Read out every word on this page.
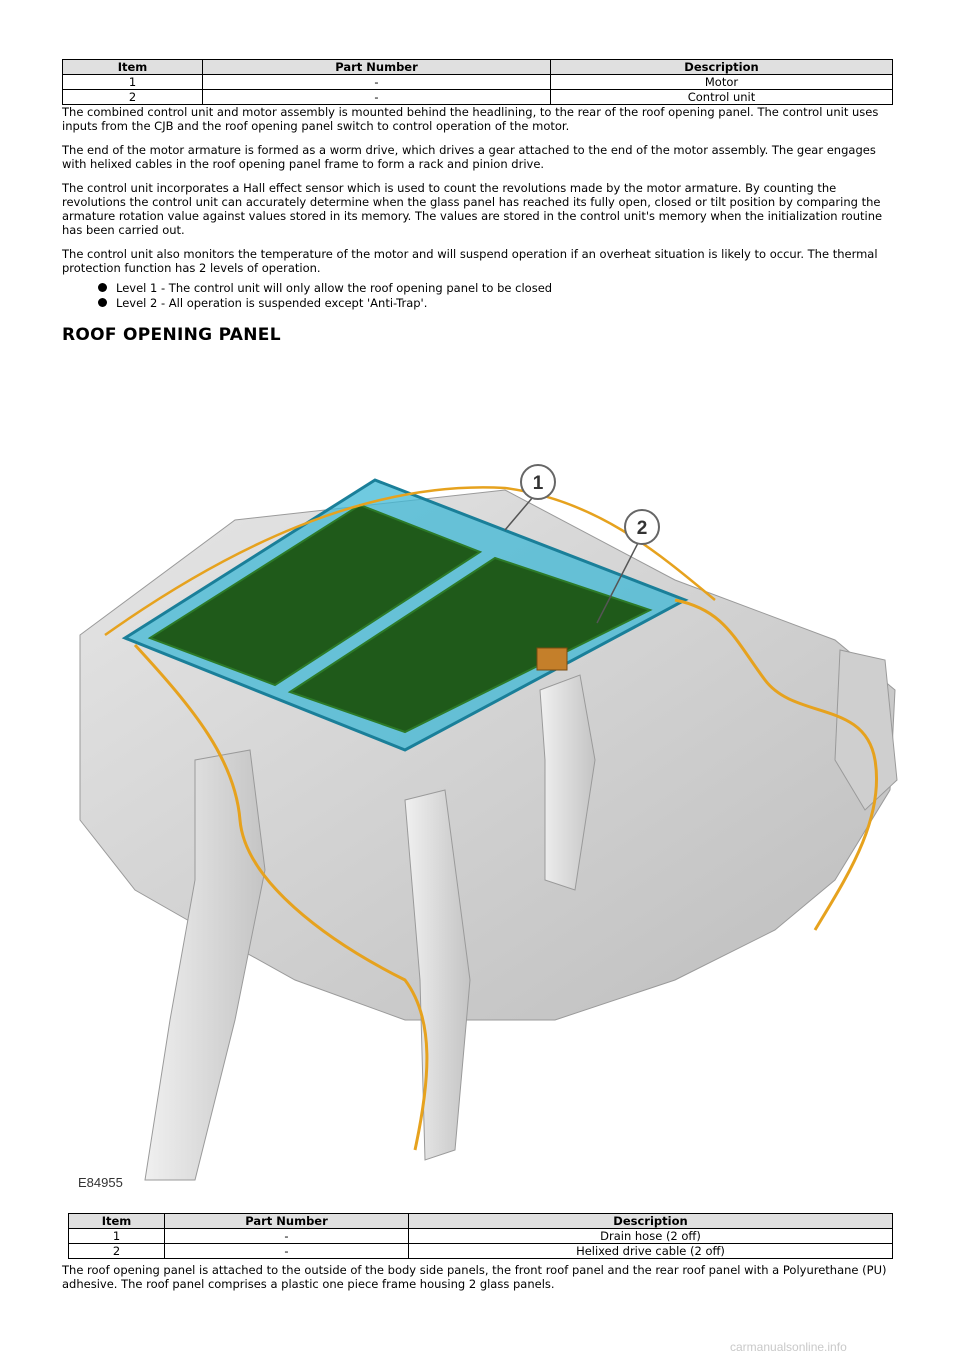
Item	Part Number	Description
1	-	Motor
2	-	Control unit

The combined control unit and motor assembly is mounted behind the headlining, to the rear of the roof opening panel. The control unit uses inputs from the CJB and the roof opening panel switch to control operation of the motor.

The end of the motor armature is formed as a worm drive, which drives a gear attached to the end of the motor assembly. The gear engages with helixed cables in the roof opening panel frame to form a rack and pinion drive.

The control unit incorporates a Hall effect sensor which is used to count the revolutions made by the motor armature. By counting the revolutions the control unit can accurately determine when the glass panel has reached its fully open, closed or tilt position by comparing the armature rotation value against values stored in its memory. The values are stored in the control unit's memory when the initialization routine has been carried out.

The control unit also monitors the temperature of the motor and will suspend operation if an overheat situation is likely to occur. The thermal protection function has 2 levels of operation.

Level 1 - The control unit will only allow the roof opening panel to be closed
Level 2 - All operation is suspended except 'Anti-Trap'.
ROOF OPENING PANEL
1
2
E84955
Item	Part Number	Description
1	-	Drain hose (2 off)
2	-	Helixed drive cable (2 off)

The roof opening panel is attached to the outside of the body side panels, the front roof panel and the rear roof panel with a Polyurethane (PU) adhesive. The roof panel comprises a plastic one piece frame housing 2 glass panels.

carmanualsonline.info
